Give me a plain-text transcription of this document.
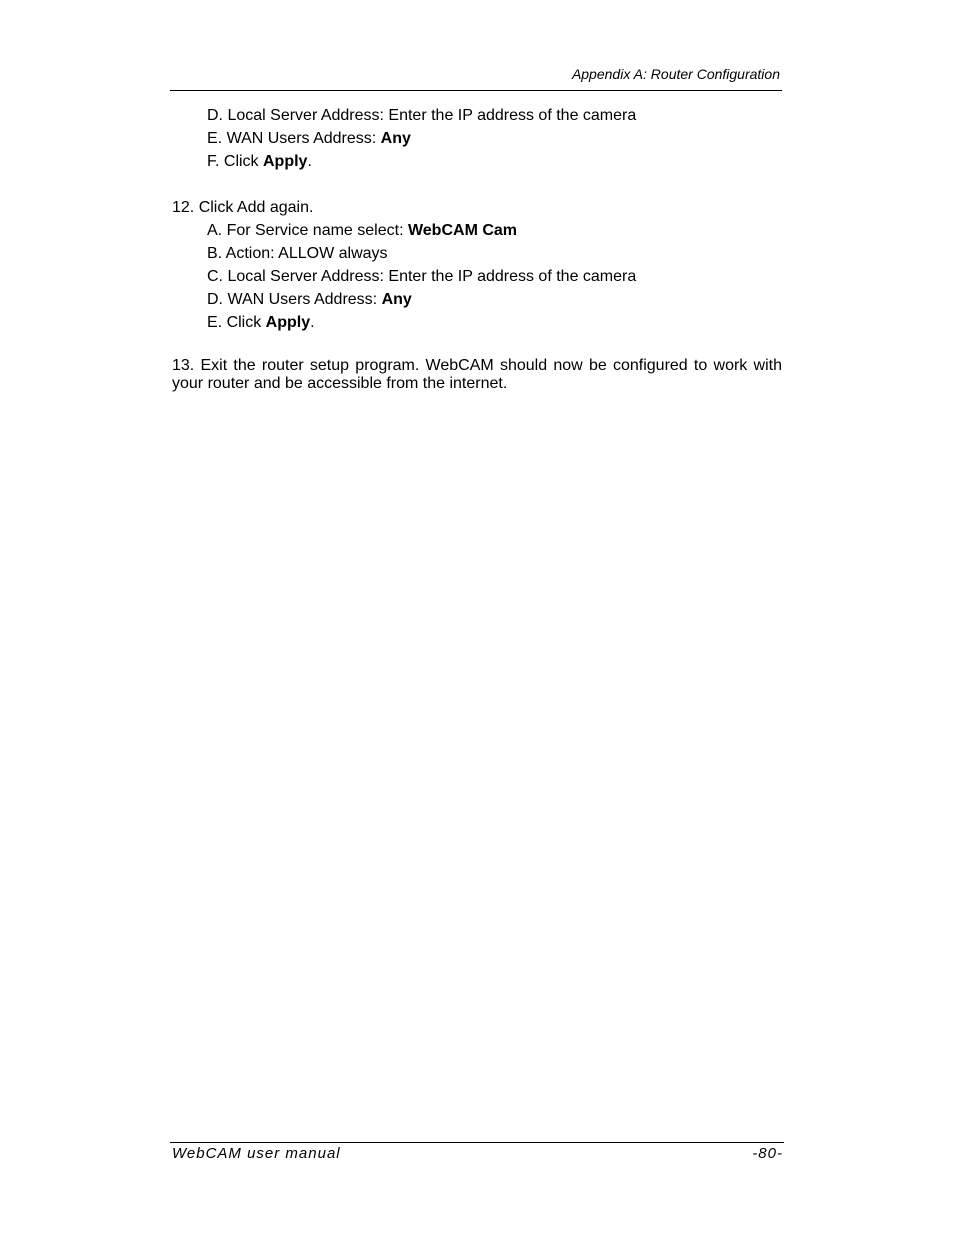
Appendix A: Router Configuration
D. Local Server Address: Enter the IP address of the camera
E. WAN Users Address: Any
F. Click Apply.
12. Click Add again.
A. For Service name select: WebCAM Cam
B. Action: ALLOW always
C. Local Server Address: Enter the IP address of the camera
D. WAN Users Address: Any
E. Click Apply.
13. Exit the router setup program. WebCAM should now be configured to work with your router and be accessible from the internet.
WebCAM user manual	-80-
